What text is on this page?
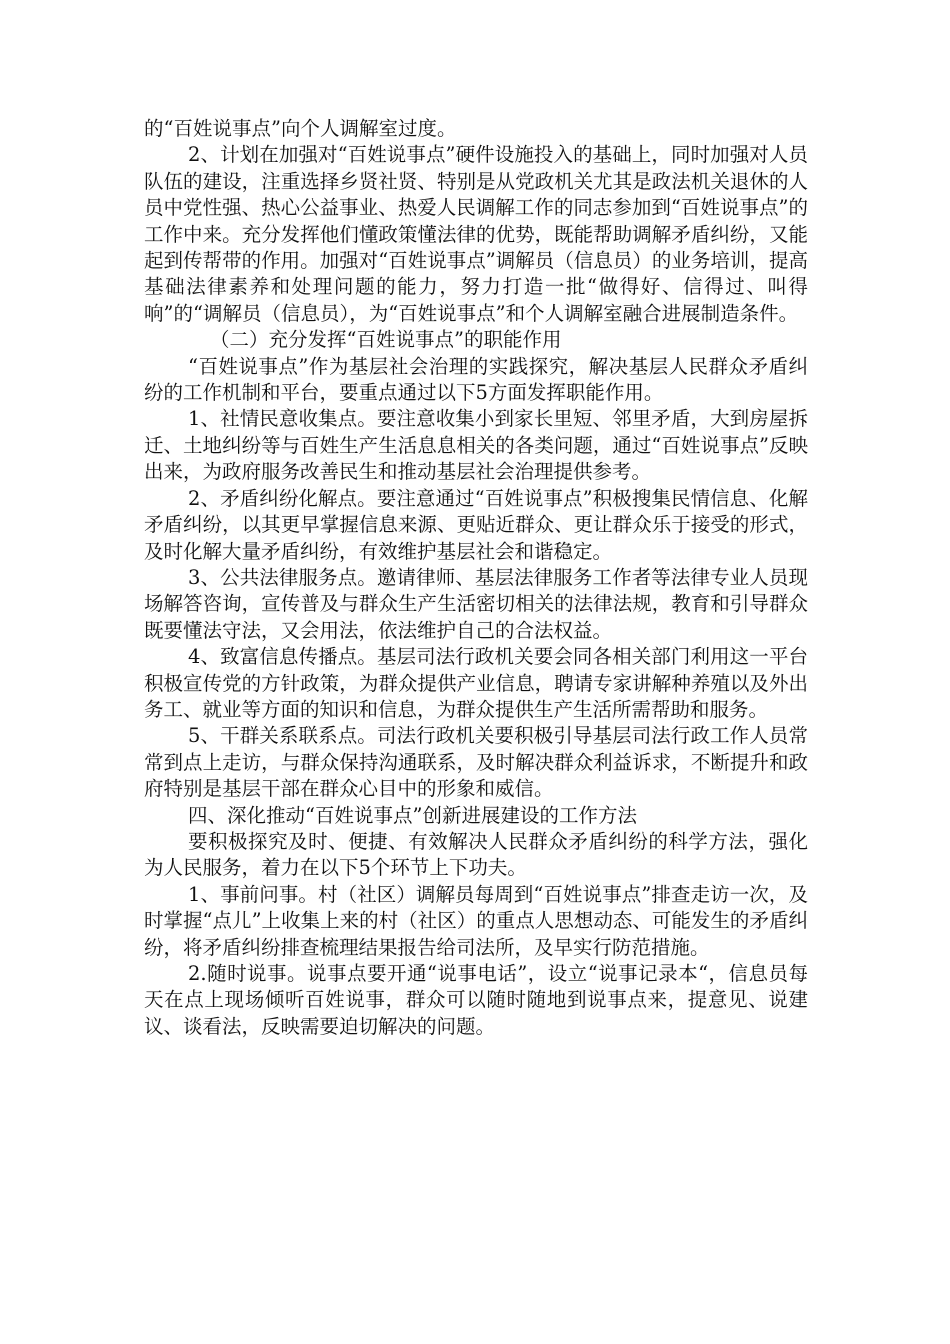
的“百姓说事点”向个人调解室过度。

2、计划在加强对“百姓说事点”硬件设施投入的基础上，同时加强对人员队伍的建设，注重选择乡贤社贤、特别是从党政机关尤其是政法机关退休的人员中党性强、热心公益事业、热爱人民调解工作的同志参加到“百姓说事点”的工作中来。充分发挥他们懂政策懂法律的优势，既能帮助调解矛盾纠纷，又能起到传帮带的作用。加强对“百姓说事点”调解员（信息员）的业务培训，提高基础法律素养和处理问题的能力，努力打造一批“做得好、信得过、叫得响”的“调解员（信息员），为“百姓说事点”和个人调解室融合进展制造条件。

（二）充分发挥“百姓说事点”的职能作用

“百姓说事点”作为基层社会治理的实践探究，解决基层人民群众矛盾纠纷的工作机制和平台，要重点通过以下5方面发挥职能作用。

1、社情民意收集点。要注意收集小到家长里短、邻里矛盾，大到房屋拆迁、土地纠纷等与百姓生产生活息息相关的各类问题，通过“百姓说事点”反映出来，为政府服务改善民生和推动基层社会治理提供参考。

2、矛盾纠纷化解点。要注意通过“百姓说事点”积极搜集民情信息、化解矛盾纠纷，以其更早掌握信息来源、更贴近群众、更让群众乐于接受的形式，及时化解大量矛盾纠纷，有效维护基层社会和谐稳定。

3、公共法律服务点。邀请律师、基层法律服务工作者等法律专业人员现场解答咨询，宣传普及与群众生产生活密切相关的法律法规，教育和引导群众既要懂法守法，又会用法，依法维护自己的合法权益。

4、致富信息传播点。基层司法行政机关要会同各相关部门利用这一平台积极宣传党的方针政策，为群众提供产业信息，聘请专家讲解种养殖以及外出务工、就业等方面的知识和信息，为群众提供生产生活所需帮助和服务。

5、干群关系联系点。司法行政机关要积极引导基层司法行政工作人员常常到点上走访，与群众保持沟通联系，及时解决群众利益诉求，不断提升和政府特别是基层干部在群众心目中的形象和威信。

四、深化推动“百姓说事点”创新进展建设的工作方法

要积极探究及时、便捷、有效解决人民群众矛盾纠纷的科学方法，强化为人民服务，着力在以下5个环节上下功夫。

1、事前问事。村（社区）调解员每周到“百姓说事点”排查走访一次，及时掌握“点儿”上收集上来的村（社区）的重点人思想动态、可能发生的矛盾纠纷，将矛盾纠纷排查梳理结果报告给司法所，及早实行防范措施。

2.随时说事。说事点要开通“说事电话”，设立“说事记录本“，信息员每天在点上现场倾听百姓说事，群众可以随时随地到说事点来，提意见、说建议、谈看法，反映需要迫切解决的问题。
